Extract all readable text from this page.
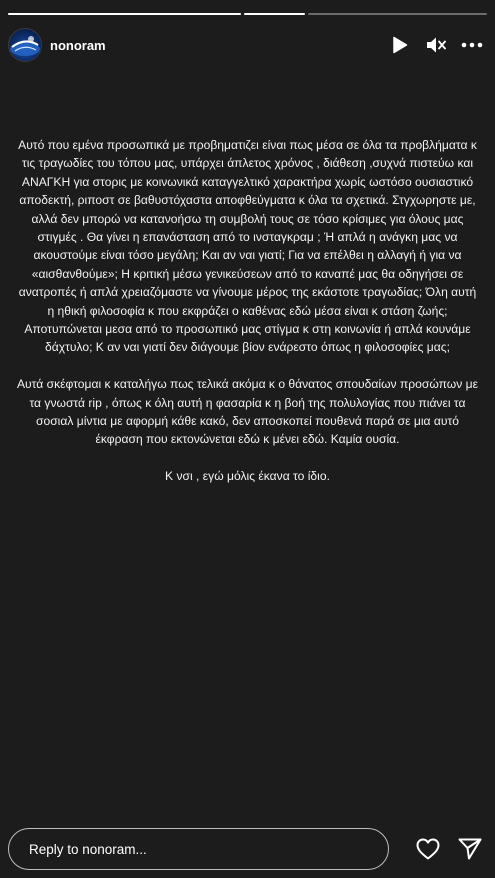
nonoram

Αυτό που εμένα προσωπικά με προβηματιζει είναι πως μέσα σε όλα τα προβλήματα κ τις τραγωδίες του τόπου μας, υπάρχει άπλετος χρόνος , διάθεση ,συχνά πιστεύω και ΑΝΑΓΚΗ για στορις με κοινωνικά καταγγελτικό χαρακτήρα χωρίς ωστόσο ουσιαστικό αποδεκτή, ριποστ σε βαθυστόχαστα αποφθεύγματα κ όλα τα σχετικά. Στγχωρηστε με, αλλά δεν μπορώ να κατανοήσω τη συμβολή τους σε τόσο κρίσιμες για όλους μας στιγμές . Θα γίνει η επανάσταση από το ινσταγκραμ ; Ή απλά η ανάγκη μας να ακουστούμε είναι τόσο μεγάλη; Και αν ναι γιατί; Για να επέλθει η αλλαγή ή για να «αισθανθούμε»; Η κριτική μέσω γενικεύσεων από το καναπέ μας θα οδηγήσει σε ανατροπές ή απλά χρειαζόμαστε να γίνουμε μέρος της εκάστοτε τραγωδίας; Όλη αυτή η ηθική φιλοσοφία κ που εκφράζει ο καθένας εδώ μέσα είναι κ στάση ζωής; Αποτυπώνεται μεσα από το προσωπικό μας στίγμα κ στη κοινωνία ή απλά κουνάμε δάχτυλο; Κ αν ναι γιατί δεν διάγουμε βίον ενάρεστο όπως η φιλοσοφίες μας;

Αυτά σκέφτομαι κ καταλήγω πως τελικά ακόμα κ ο θάνατος σπουδαίων προσώπων με τα γνωστά rip , όπως κ όλη αυτή η φασαρία κ η βοή της πολυλογίας που πιάνει τα σοσιαλ μίντια με αφορμή κάθε κακό, δεν αποσκοπεί πουθενά παρά σε μια αυτό έκφραση που εκτονώνεται εδώ κ μένει εδώ. Καμία ουσία.

Κ νσι , εγώ μόλις έκανα το ίδιο.

Reply to nonoram...
